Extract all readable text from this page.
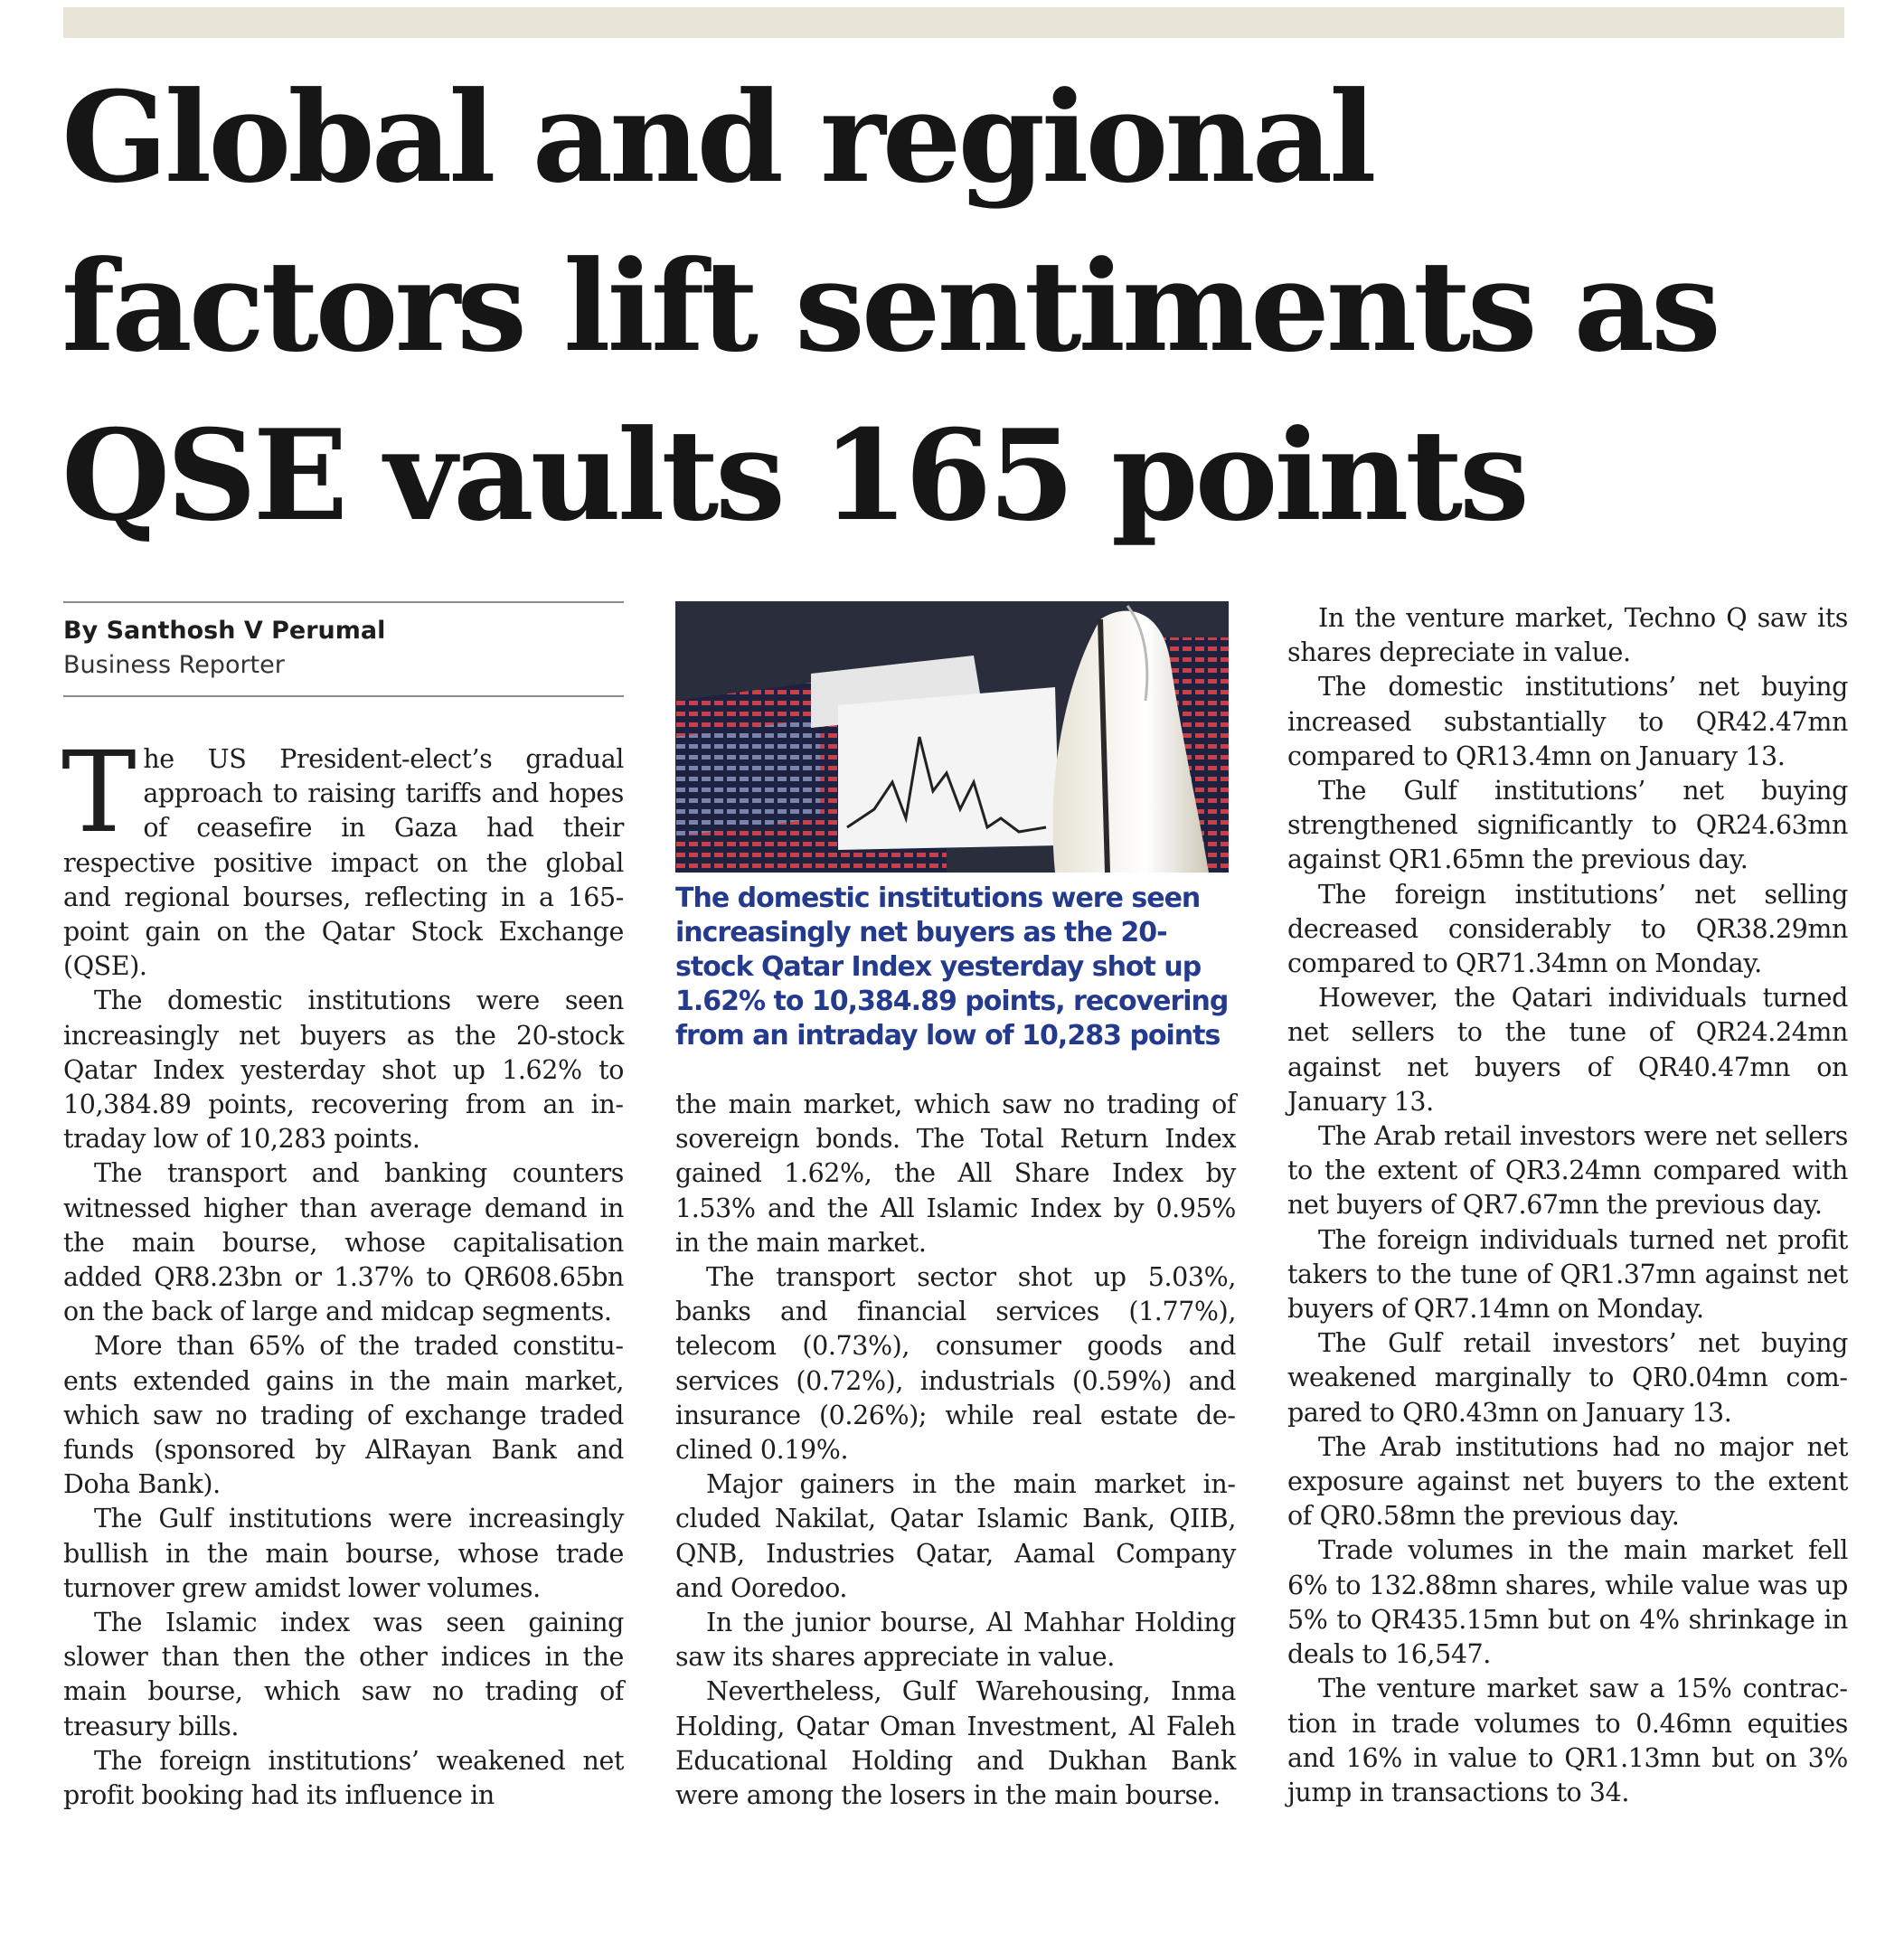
Global and regional factors lift sentiments as QSE vaults 165 points
By Santhosh V Perumal
Business Reporter

The US President-elect’s gradual approach to raising tariffs and hopes of ceasefire in Gaza had their respective positive impact on the global and regional bourses, reflecting in a 165-point gain on the Qatar Stock Exchange (QSE).

The domestic institutions were seen increasingly net buyers as the 20-stock Qatar Index yesterday shot up 1.62% to 10,384.89 points, recovering from an intraday low of 10,283 points.

The transport and banking counters witnessed higher than average demand in the main bourse, whose capitalisation added QR8.23bn or 1.37% to QR608.65bn on the back of large and midcap segments.

More than 65% of the traded constituents extended gains in the main market, which saw no trading of exchange traded funds (sponsored by AlRayan Bank and Doha Bank).

The Gulf institutions were increasingly bullish in the main bourse, whose trade turnover grew amidst lower volumes.

The Islamic index was seen gaining slower than then the other indices in the main bourse, which saw no trading of treasury bills.

The foreign institutions’ weakened net profit booking had its influence in

The domestic institutions were seen increasingly net buyers as the 20-stock Qatar Index yesterday shot up 1.62% to 10,384.89 points, recovering from an intraday low of 10,283 points

the main market, which saw no trading of sovereign bonds. The Total Return Index gained 1.62%, the All Share Index by 1.53% and the All Islamic Index by 0.95% in the main market.

The transport sector shot up 5.03%, banks and financial services (1.77%), telecom (0.73%), consumer goods and services (0.72%), industrials (0.59%) and insurance (0.26%); while real estate declined 0.19%.

Major gainers in the main market included Nakilat, Qatar Islamic Bank, QIIB, QNB, Industries Qatar, Aamal Company and Ooredoo.

In the junior bourse, Al Mahhar Holding saw its shares appreciate in value.

Nevertheless, Gulf Warehousing, Inma Holding, Qatar Oman Investment, Al Faleh Educational Holding and Dukhan Bank were among the losers in the main bourse.

In the venture market, Techno Q saw its shares depreciate in value.

The domestic institutions’ net buying increased substantially to QR42.47mn compared to QR13.4mn on January 13.

The Gulf institutions’ net buying strengthened significantly to QR24.63mn against QR1.65mn the previous day.

The foreign institutions’ net selling decreased considerably to QR38.29mn compared to QR71.34mn on Monday.

However, the Qatari individuals turned net sellers to the tune of QR24.24mn against net buyers of QR40.47mn on January 13.

The Arab retail investors were net sellers to the extent of QR3.24mn compared with net buyers of QR7.67mn the previous day.

The foreign individuals turned net profit takers to the tune of QR1.37mn against net buyers of QR7.14mn on Monday.

The Gulf retail investors’ net buying weakened marginally to QR0.04mn compared to QR0.43mn on January 13.

The Arab institutions had no major net exposure against net buyers to the extent of QR0.58mn the previous day.

Trade volumes in the main market fell 6% to 132.88mn shares, while value was up 5% to QR435.15mn but on 4% shrinkage in deals to 16,547.

The venture market saw a 15% contraction in trade volumes to 0.46mn equities and 16% in value to QR1.13mn but on 3% jump in transactions to 34.
